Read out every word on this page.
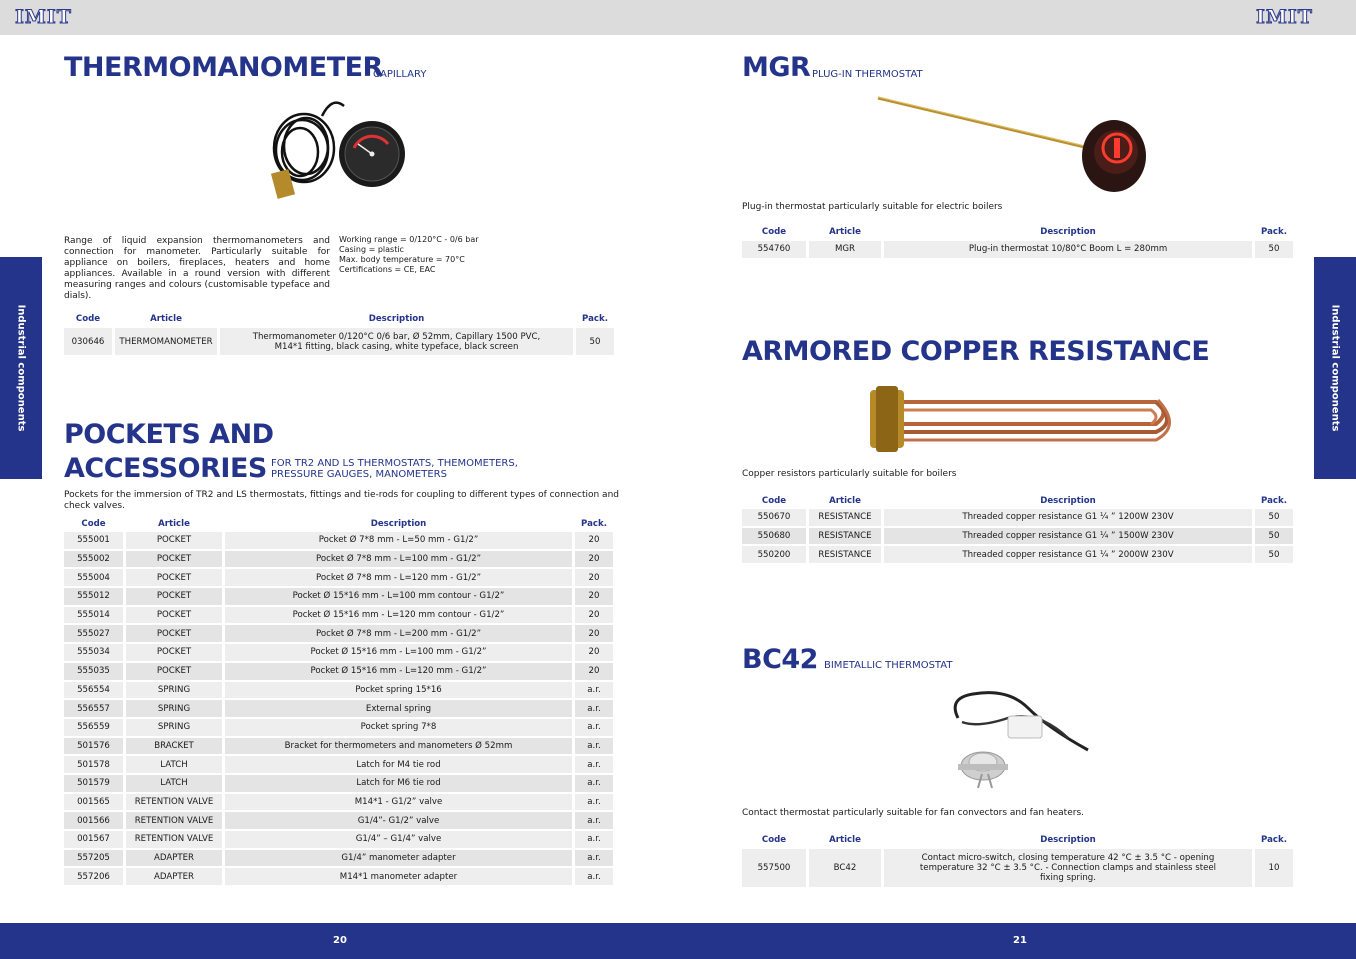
IMIT	IMIT
Industrial components	Industrial components
20	21
THERMOMANOMETER
CAPILLARY
Range of liquid expansion thermomanometers and connection for manometer. Particularly suitable for appliance on boilers, fireplaces, heaters and home appliances. Available in a round version with different measuring ranges and colours (customisable typeface and dials).
Working range = 0/120°C - 0/6 bar
Casing = plastic
Max. body temperature = 70°C
Certifications = CE, EAC
Code	Article	Description	Pack.
030646	THERMOMANOMETER	Thermomanometer 0/120°C 0/6 bar, Ø 52mm, Capillary 1500 PVC, M14*1 fitting, black casing, white typeface, black screen	50
POCKETS AND
ACCESSORIES FOR TR2 AND LS THERMOSTATS, THEMOMETERS,
PRESSURE GAUGES, MANOMETERS
Pockets for the immersion of TR2 and LS thermostats, fittings and tie-rods for coupling to different types of connection and check valves.
Code	Article	Description	Pack.
555001	POCKET	Pocket Ø 7*8 mm - L=50 mm - G1/2”	20
555002	POCKET	Pocket Ø 7*8 mm - L=100 mm - G1/2”	20
555004	POCKET	Pocket Ø 7*8 mm - L=120 mm - G1/2”	20
555012	POCKET	Pocket Ø 15*16 mm - L=100 mm contour - G1/2”	20
555014	POCKET	Pocket Ø 15*16 mm - L=120 mm contour - G1/2”	20
555027	POCKET	Pocket Ø 7*8 mm - L=200 mm - G1/2”	20
555034	POCKET	Pocket Ø 15*16 mm - L=100 mm - G1/2”	20
555035	POCKET	Pocket Ø 15*16 mm - L=120 mm - G1/2”	20
556554	SPRING	Pocket spring 15*16	a.r.
556557	SPRING	External spring	a.r.
556559	SPRING	Pocket spring 7*8	a.r.
501576	BRACKET	Bracket for thermometers and manometers Ø 52mm	a.r.
501578	LATCH	Latch for M4 tie rod	a.r.
501579	LATCH	Latch for M6 tie rod	a.r.
001565	RETENTION VALVE	M14*1 - G1/2” valve	a.r.
001566	RETENTION VALVE	G1/4”- G1/2” valve	a.r.
001567	RETENTION VALVE	G1/4” – G1/4” valve	a.r.
557205	ADAPTER	G1/4” manometer adapter	a.r.
557206	ADAPTER	M14*1 manometer adapter	a.r.
MGR PLUG-IN THERMOSTAT
Plug-in thermostat particularly suitable for electric boilers
Code	Article	Description	Pack.
554760	MGR	Plug-in thermostat 10/80°C Boom L = 280mm	50
ARMORED COPPER RESISTANCE
Copper resistors particularly suitable for boilers
Code	Article	Description	Pack.
550670	RESISTANCE	Threaded copper resistance G1 ¼ ” 1200W 230V	50
550680	RESISTANCE	Threaded copper resistance G1 ¼ ” 1500W 230V	50
550200	RESISTANCE	Threaded copper resistance G1 ¼ ” 2000W 230V	50
BC42 BIMETALLIC THERMOSTAT
Contact thermostat particularly suitable for fan convectors and fan heaters.
Code	Article	Description	Pack.
557500	BC42	Contact micro-switch, closing temperature 42 °C ± 3.5 °C - opening temperature 32 °C ± 3.5 °C. - Connection clamps and stainless steel fixing spring.	10
